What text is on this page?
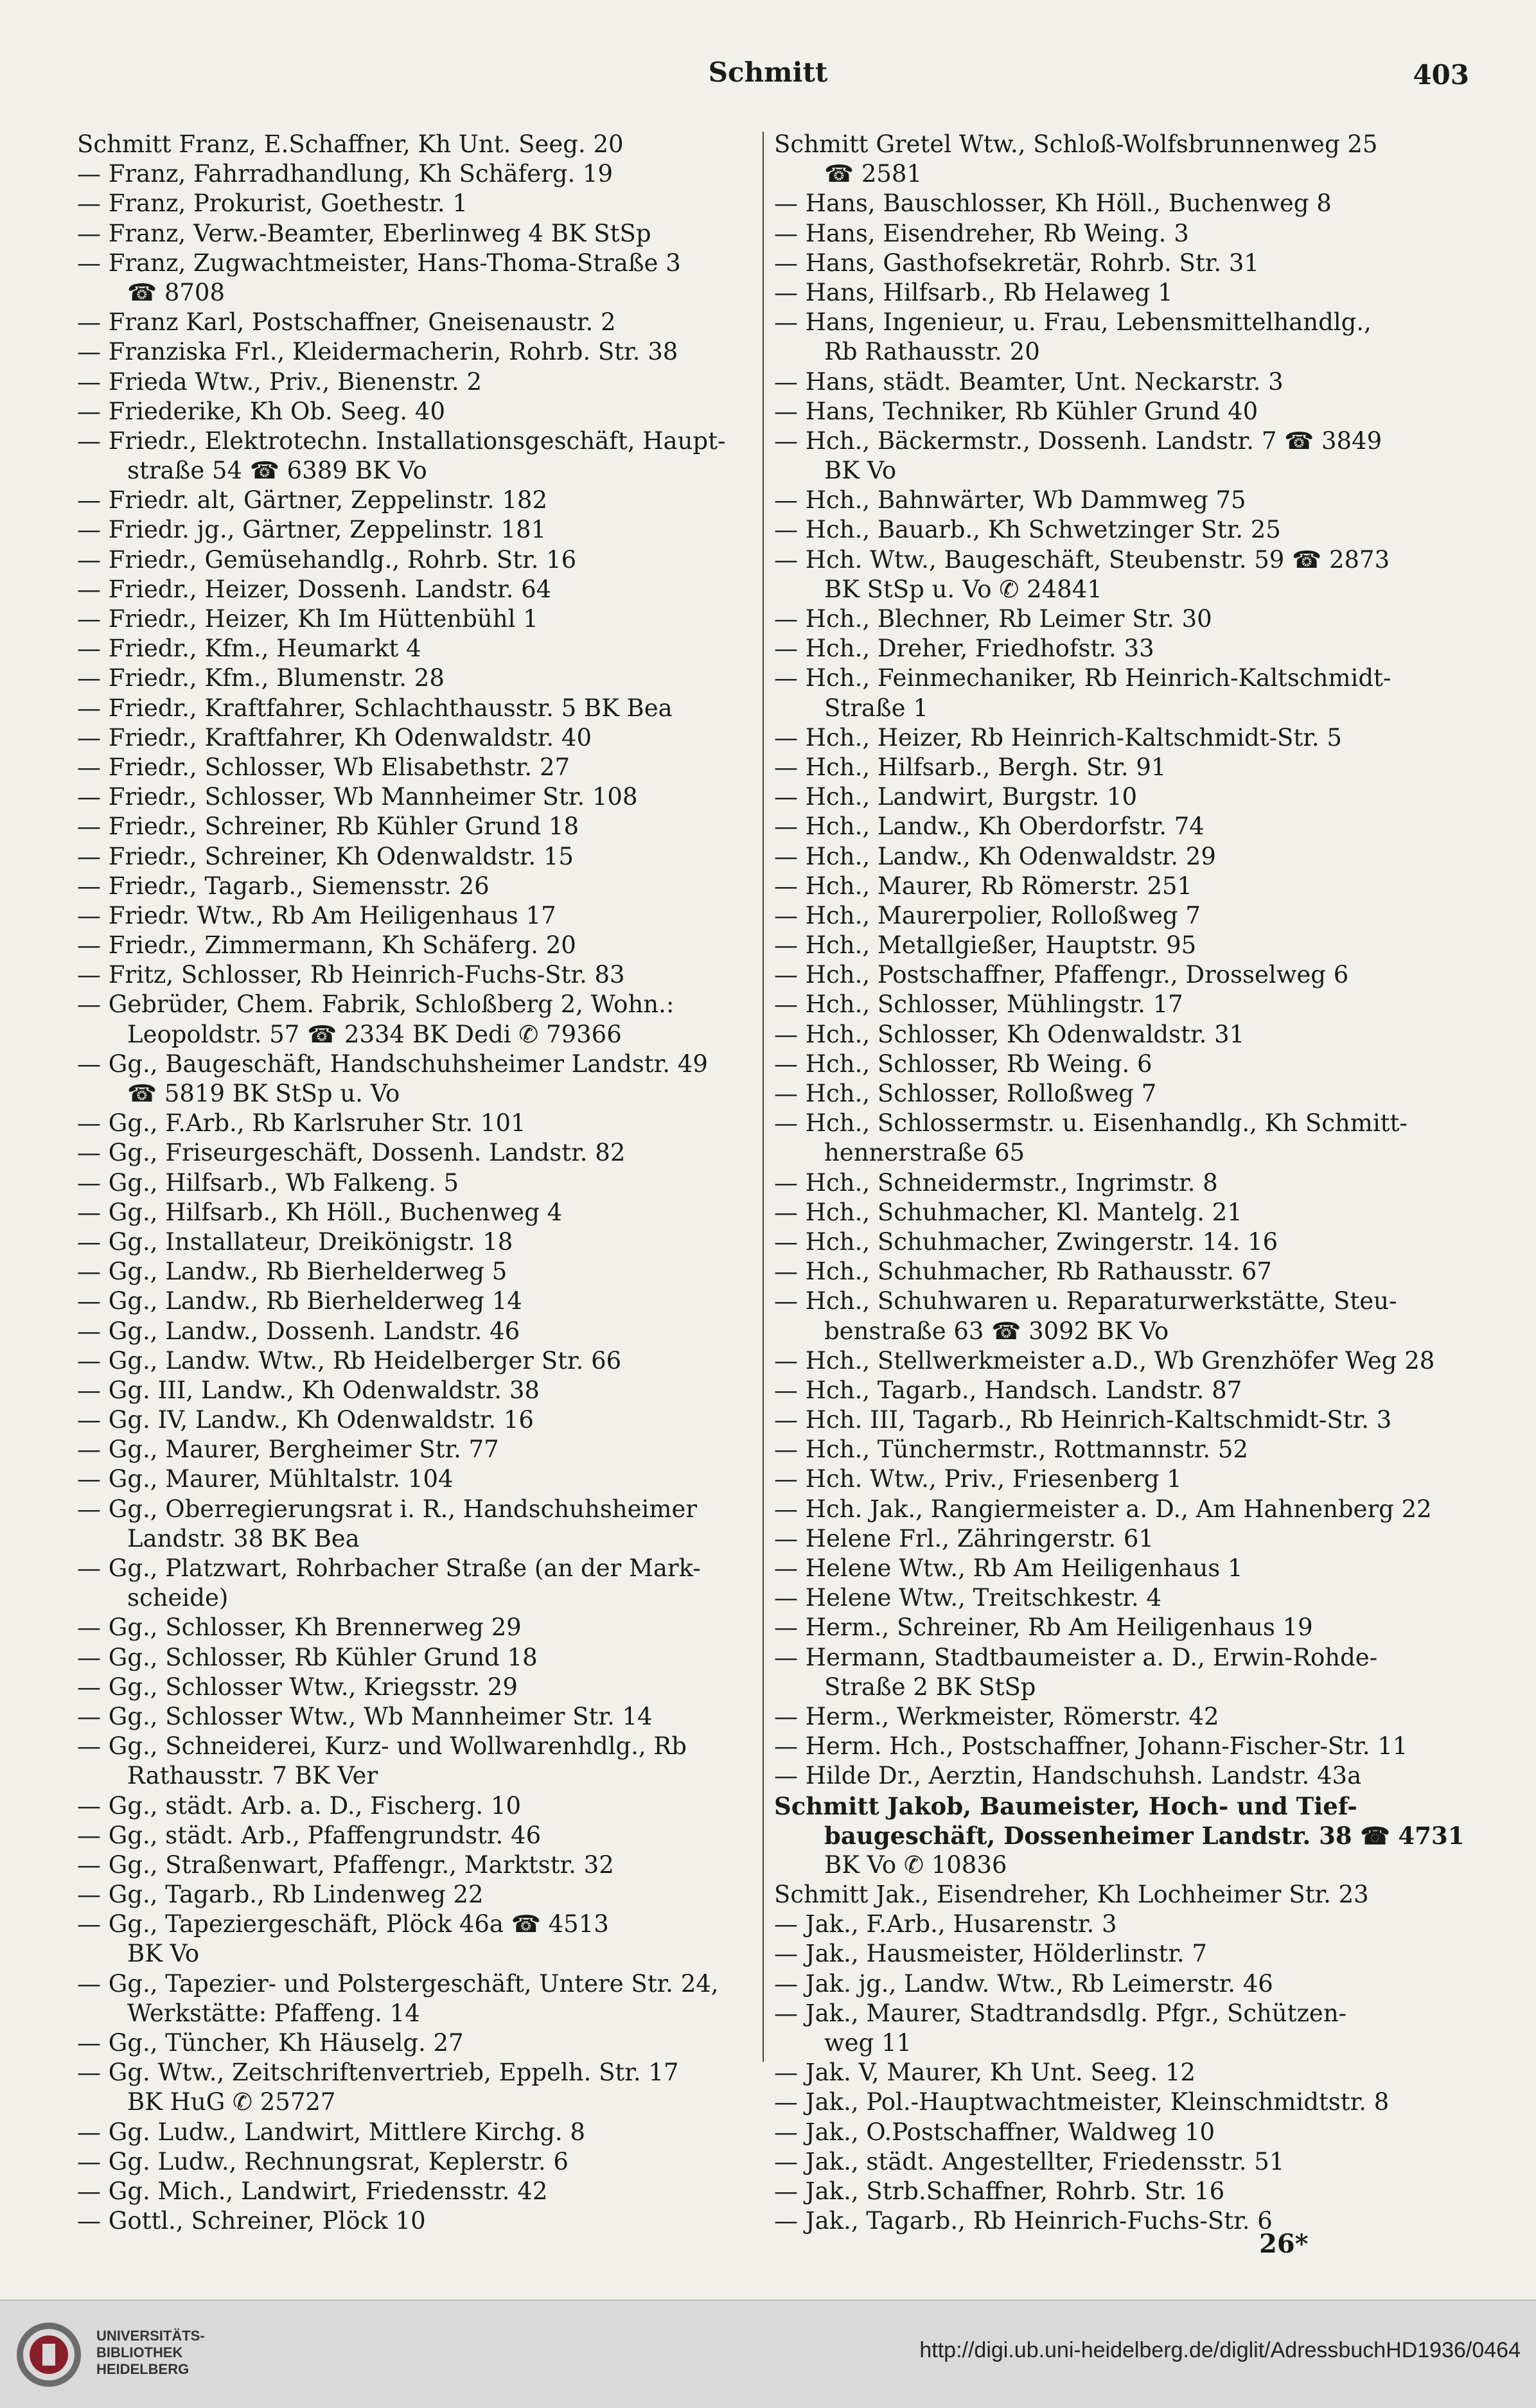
Schmitt	403
Schmitt Franz, E.Schaffner, Kh Unt. Seeg. 20
— Franz, Fahrradhandlung, Kh Schäferg. 19
— Franz, Prokurist, Goethestr. 1
— Franz, Verw.-Beamter, Eberlinweg 4 BK StSp
— Franz, Zugwachtmeister, Hans-Thoma-Straße 3
☎ 8708
— Franz Karl, Postschaffner, Gneisenaustr. 2
— Franziska Frl., Kleidermacherin, Rohrb. Str. 38
— Frieda Wtw., Priv., Bienenstr. 2
— Friederike, Kh Ob. Seeg. 40
— Friedr., Elektrotechn. Installationsgeschäft, Haupt-
straße 54 ☎ 6389 BK Vo
— Friedr. alt, Gärtner, Zeppelinstr. 182
— Friedr. jg., Gärtner, Zeppelinstr. 181
— Friedr., Gemüsehandlg., Rohrb. Str. 16
— Friedr., Heizer, Dossenh. Landstr. 64
— Friedr., Heizer, Kh Im Hüttenbühl 1
— Friedr., Kfm., Heumarkt 4
— Friedr., Kfm., Blumenstr. 28
— Friedr., Kraftfahrer, Schlachthausstr. 5 BK Bea
— Friedr., Kraftfahrer, Kh Odenwaldstr. 40
— Friedr., Schlosser, Wb Elisabethstr. 27
— Friedr., Schlosser, Wb Mannheimer Str. 108
— Friedr., Schreiner, Rb Kühler Grund 18
— Friedr., Schreiner, Kh Odenwaldstr. 15
— Friedr., Tagarb., Siemensstr. 26
— Friedr. Wtw., Rb Am Heiligenhaus 17
— Friedr., Zimmermann, Kh Schäferg. 20
— Fritz, Schlosser, Rb Heinrich-Fuchs-Str. 83
— Gebrüder, Chem. Fabrik, Schloßberg 2, Wohn.:
Leopoldstr. 57 ☎ 2334 BK Dedi ✆ 79366
— Gg., Baugeschäft, Handschuhsheimer Landstr. 49
☎ 5819 BK StSp u. Vo
— Gg., F.Arb., Rb Karlsruher Str. 101
— Gg., Friseurgeschäft, Dossenh. Landstr. 82
— Gg., Hilfsarb., Wb Falkeng. 5
— Gg., Hilfsarb., Kh Höll., Buchenweg 4
— Gg., Installateur, Dreikönigstr. 18
— Gg., Landw., Rb Bierhelderweg 5
— Gg., Landw., Rb Bierhelderweg 14
— Gg., Landw., Dossenh. Landstr. 46
— Gg., Landw. Wtw., Rb Heidelberger Str. 66
— Gg. III, Landw., Kh Odenwaldstr. 38
— Gg. IV, Landw., Kh Odenwaldstr. 16
— Gg., Maurer, Bergheimer Str. 77
— Gg., Maurer, Mühltalstr. 104
— Gg., Oberregierungsrat i. R., Handschuhsheimer
Landstr. 38 BK Bea
— Gg., Platzwart, Rohrbacher Straße (an der Mark-
scheide)
— Gg., Schlosser, Kh Brennerweg 29
— Gg., Schlosser, Rb Kühler Grund 18
— Gg., Schlosser Wtw., Kriegsstr. 29
— Gg., Schlosser Wtw., Wb Mannheimer Str. 14
— Gg., Schneiderei, Kurz- und Wollwarenhdlg., Rb
Rathausstr. 7 BK Ver
— Gg., städt. Arb. a. D., Fischerg. 10
— Gg., städt. Arb., Pfaffengrundstr. 46
— Gg., Straßenwart, Pfaffengr., Marktstr. 32
— Gg., Tagarb., Rb Lindenweg 22
— Gg., Tapeziergeschäft, Plöck 46a ☎ 4513
BK Vo
— Gg., Tapezier- und Polstergeschäft, Untere Str. 24,
Werkstätte: Pfaffeng. 14
— Gg., Tüncher, Kh Häuselg. 27
— Gg. Wtw., Zeitschriftenvertrieb, Eppelh. Str. 17
BK HuG ✆ 25727
— Gg. Ludw., Landwirt, Mittlere Kirchg. 8
— Gg. Ludw., Rechnungsrat, Keplerstr. 6
— Gg. Mich., Landwirt, Friedensstr. 42
— Gottl., Schreiner, Plöck 10
Schmitt Gretel Wtw., Schloß-Wolfsbrunnenweg 25
☎ 2581
— Hans, Bauschlosser, Kh Höll., Buchenweg 8
— Hans, Eisendreher, Rb Weing. 3
— Hans, Gasthofsekretär, Rohrb. Str. 31
— Hans, Hilfsarb., Rb Helaweg 1
— Hans, Ingenieur, u. Frau, Lebensmittelhandlg.,
Rb Rathausstr. 20
— Hans, städt. Beamter, Unt. Neckarstr. 3
— Hans, Techniker, Rb Kühler Grund 40
— Hch., Bäckermstr., Dossenh. Landstr. 7 ☎ 3849
BK Vo
— Hch., Bahnwärter, Wb Dammweg 75
— Hch., Bauarb., Kh Schwetzinger Str. 25
— Hch. Wtw., Baugeschäft, Steubenstr. 59 ☎ 2873
BK StSp u. Vo ✆ 24841
— Hch., Blechner, Rb Leimer Str. 30
— Hch., Dreher, Friedhofstr. 33
— Hch., Feinmechaniker, Rb Heinrich-Kaltschmidt-
Straße 1
— Hch., Heizer, Rb Heinrich-Kaltschmidt-Str. 5
— Hch., Hilfsarb., Bergh. Str. 91
— Hch., Landwirt, Burgstr. 10
— Hch., Landw., Kh Oberdorfstr. 74
— Hch., Landw., Kh Odenwaldstr. 29
— Hch., Maurer, Rb Römerstr. 251
— Hch., Maurerpolier, Rolloßweg 7
— Hch., Metallgießer, Hauptstr. 95
— Hch., Postschaffner, Pfaffengr., Drosselweg 6
— Hch., Schlosser, Mühlingstr. 17
— Hch., Schlosser, Kh Odenwaldstr. 31
— Hch., Schlosser, Rb Weing. 6
— Hch., Schlosser, Rolloßweg 7
— Hch., Schlossermstr. u. Eisenhandlg., Kh Schmitt-
hennerstraße 65
— Hch., Schneidermstr., Ingrimstr. 8
— Hch., Schuhmacher, Kl. Mantelg. 21
— Hch., Schuhmacher, Zwingerstr. 14. 16
— Hch., Schuhmacher, Rb Rathausstr. 67
— Hch., Schuhwaren u. Reparaturwerkstätte, Steu-
benstraße 63 ☎ 3092 BK Vo
— Hch., Stellwerkmeister a.D., Wb Grenzhöfer Weg 28
— Hch., Tagarb., Handsch. Landstr. 87
— Hch. III, Tagarb., Rb Heinrich-Kaltschmidt-Str. 3
— Hch., Tünchermstr., Rottmannstr. 52
— Hch. Wtw., Priv., Friesenberg 1
— Hch. Jak., Rangiermeister a. D., Am Hahnenberg 22
— Helene Frl., Zähringerstr. 61
— Helene Wtw., Rb Am Heiligenhaus 1
— Helene Wtw., Treitschkestr. 4
— Herm., Schreiner, Rb Am Heiligenhaus 19
— Hermann, Stadtbaumeister a. D., Erwin-Rohde-
Straße 2 BK StSp
— Herm., Werkmeister, Römerstr. 42
— Herm. Hch., Postschaffner, Johann-Fischer-Str. 11
— Hilde Dr., Aerztin, Handschuhsh. Landstr. 43a
Schmitt Jakob, Baumeister, Hoch- und Tief-
baugeschäft, Dossenheimer Landstr. 38 ☎ 4731
BK Vo ✆ 10836
Schmitt Jak., Eisendreher, Kh Lochheimer Str. 23
— Jak., F.Arb., Husarenstr. 3
— Jak., Hausmeister, Hölderlinstr. 7
— Jak. jg., Landw. Wtw., Rb Leimerstr. 46
— Jak., Maurer, Stadtrandsdlg. Pfgr., Schützen-
weg 11
— Jak. V, Maurer, Kh Unt. Seeg. 12
— Jak., Pol.-Hauptwachtmeister, Kleinschmidtstr. 8
— Jak., O.Postschaffner, Waldweg 10
— Jak., städt. Angestellter, Friedensstr. 51
— Jak., Strb.Schaffner, Rohrb. Str. 16
— Jak., Tagarb., Rb Heinrich-Fuchs-Str. 6
26*
UNIVERSITÄTS-
BIBLIOTHEK
HEIDELBERG
http://digi.ub.uni-heidelberg.de/diglit/AdressbuchHD1936/0464
